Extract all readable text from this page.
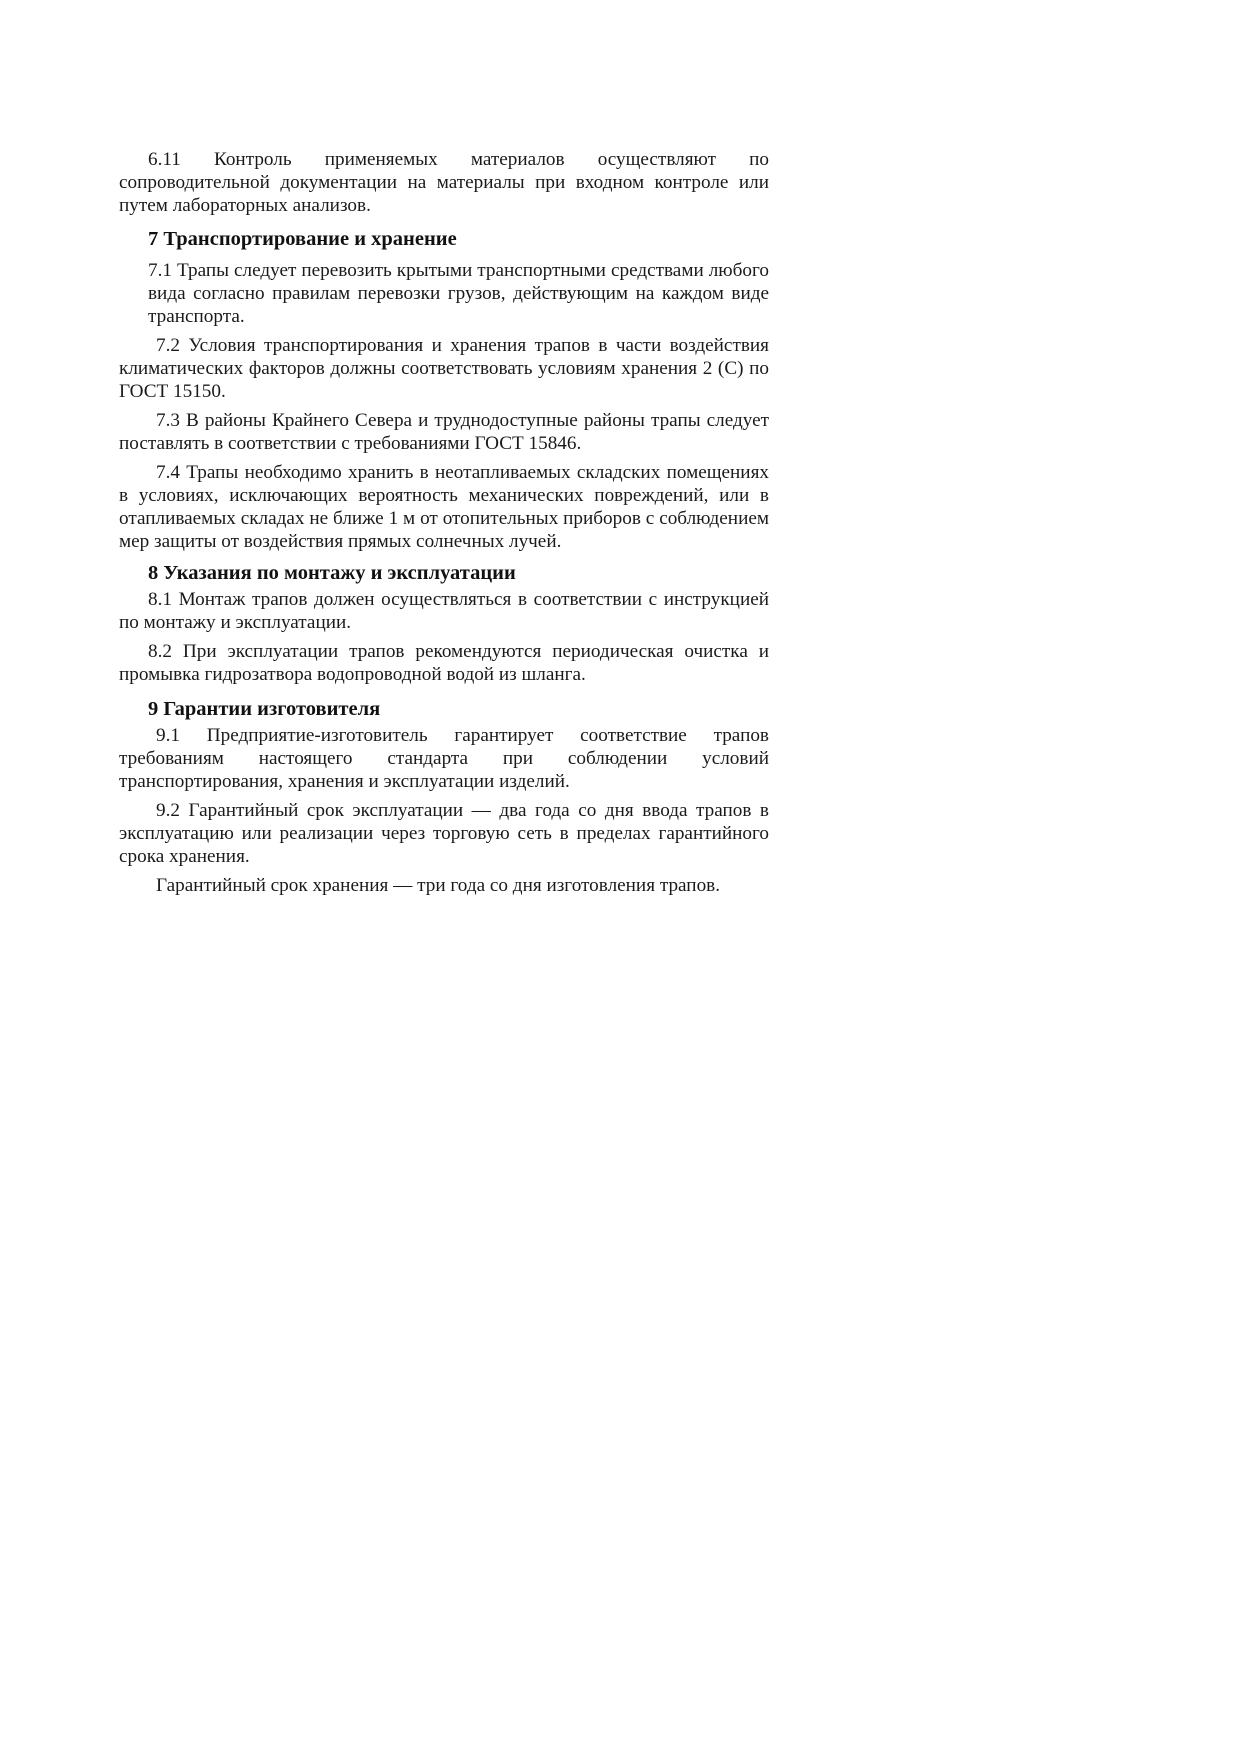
6.11 Контроль применяемых материалов осуществляют по сопроводительной документации на материалы при входном контроле или путем лабораторных анализов.

7 Транспортирование и хранение

7.1 Трапы следует перевозить крытыми транспортными средствами любого вида согласно правилам перевозки грузов, действующим на каждом виде транспорта.

7.2 Условия транспортирования и хранения трапов в части воздействия климатических факторов должны соответствовать условиям хранения 2 (С) по ГОСТ 15150.

7.3 В районы Крайнего Севера и труднодоступные районы трапы следует поставлять в соответствии с требованиями ГОСТ 15846.

7.4 Трапы необходимо хранить в неотапливаемых складских помещениях в условиях, исключающих вероятность механических повреждений, или в отапливаемых складах не ближе 1 м от отопительных приборов с соблюдением мер защиты от воздействия прямых солнечных лучей.

8 Указания по монтажу и эксплуатации

8.1 Монтаж трапов должен осуществляться в соответствии с инструкцией по монтажу и эксплуатации.

8.2 При эксплуатации трапов рекомендуются периодическая очистка и промывка гидрозатвора водопроводной водой из шланга.

9 Гарантии изготовителя

9.1 Предприятие-изготовитель гарантирует соответствие трапов требованиям настоящего стандарта при соблюдении условий транспортирования, хранения и эксплуатации изделий.

9.2 Гарантийный срок эксплуатации — два года со дня ввода трапов в эксплуатацию или реализации через торговую сеть в пределах гарантийного срока хранения.

Гарантийный срок хранения — три года со дня изготовления трапов.
